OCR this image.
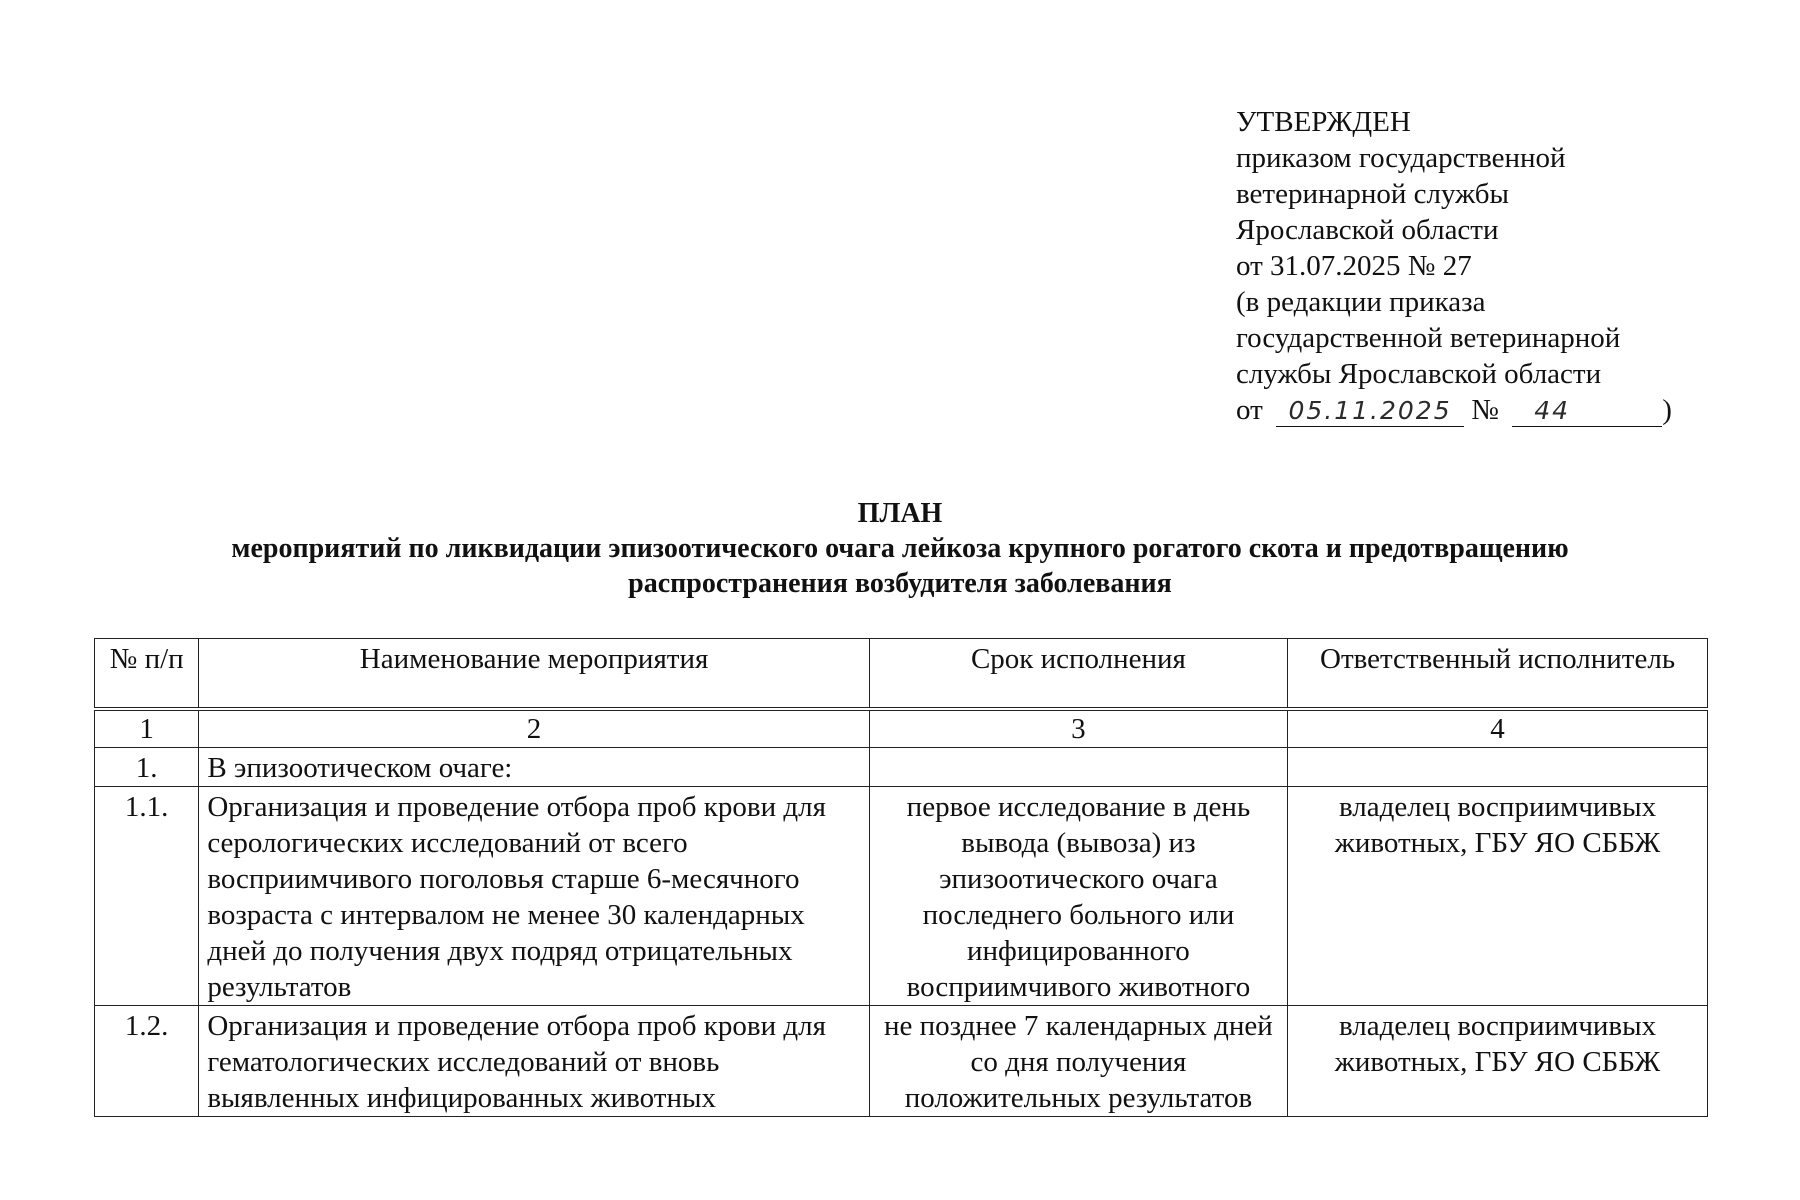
УТВЕРЖДЕН
приказом государственной
ветеринарной службы
Ярославской области
от 31.07.2025 № 27
(в редакции приказа
государственной ветеринарной
службы Ярославской области
от 05.11.2025 № 44	)
ПЛАН
мероприятий по ликвидации эпизоотического очага лейкоза крупного рогатого скота и предотвращению распространения возбудителя заболевания
№ п/п	Наименование мероприятия	Срок исполнения	Ответственный исполнитель
1	2	3	4
1.	В эпизоотическом очаге:		
1.1.	Организация и проведение отбора проб крови для серологических исследований от всего восприимчивого поголовья старше 6-месячного возраста с интервалом не менее 30 календарных дней до получения двух подряд отрицательных результатов	первое исследование в день вывода (вывоза) из эпизоотического очага последнего больного или инфицированного восприимчивого животного	владелец восприимчивых животных, ГБУ ЯО СББЖ
1.2.	Организация и проведение отбора проб крови для гематологических исследований от вновь выявленных инфицированных животных	не позднее 7 календарных дней со дня получения положительных результатов	владелец восприимчивых животных, ГБУ ЯО СББЖ
